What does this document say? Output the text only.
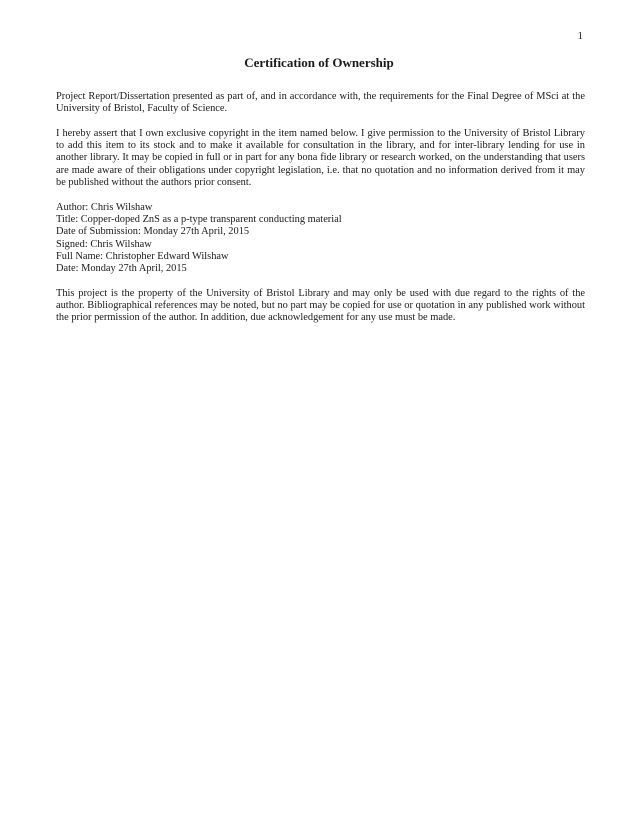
1
Certification of Ownership

Project Report/Dissertation presented as part of, and in accordance with, the requirements for the Final Degree of MSci at the University of Bristol, Faculty of Science.

I hereby assert that I own exclusive copyright in the item named below. I give permission to the University of Bristol Library to add this item to its stock and to make it available for consultation in the library, and for inter-library lending for use in another library. It may be copied in full or in part for any bona fide library or research worked, on the understanding that users are made aware of their obligations under copyright legislation, i.e. that no quotation and no information derived from it may be published without the authors prior consent.

Author: Chris Wilshaw
Title: Copper-doped ZnS as a p-type transparent conducting material
Date of Submission: Monday 27th April, 2015
Signed: Chris Wilshaw
Full Name: Christopher Edward Wilshaw
Date: Monday 27th April, 2015

This project is the property of the University of Bristol Library and may only be used with due regard to the rights of the author. Bibliographical references may be noted, but no part may be copied for use or quotation in any published work without the prior permission of the author. In addition, due acknowledgement for any use must be made.
